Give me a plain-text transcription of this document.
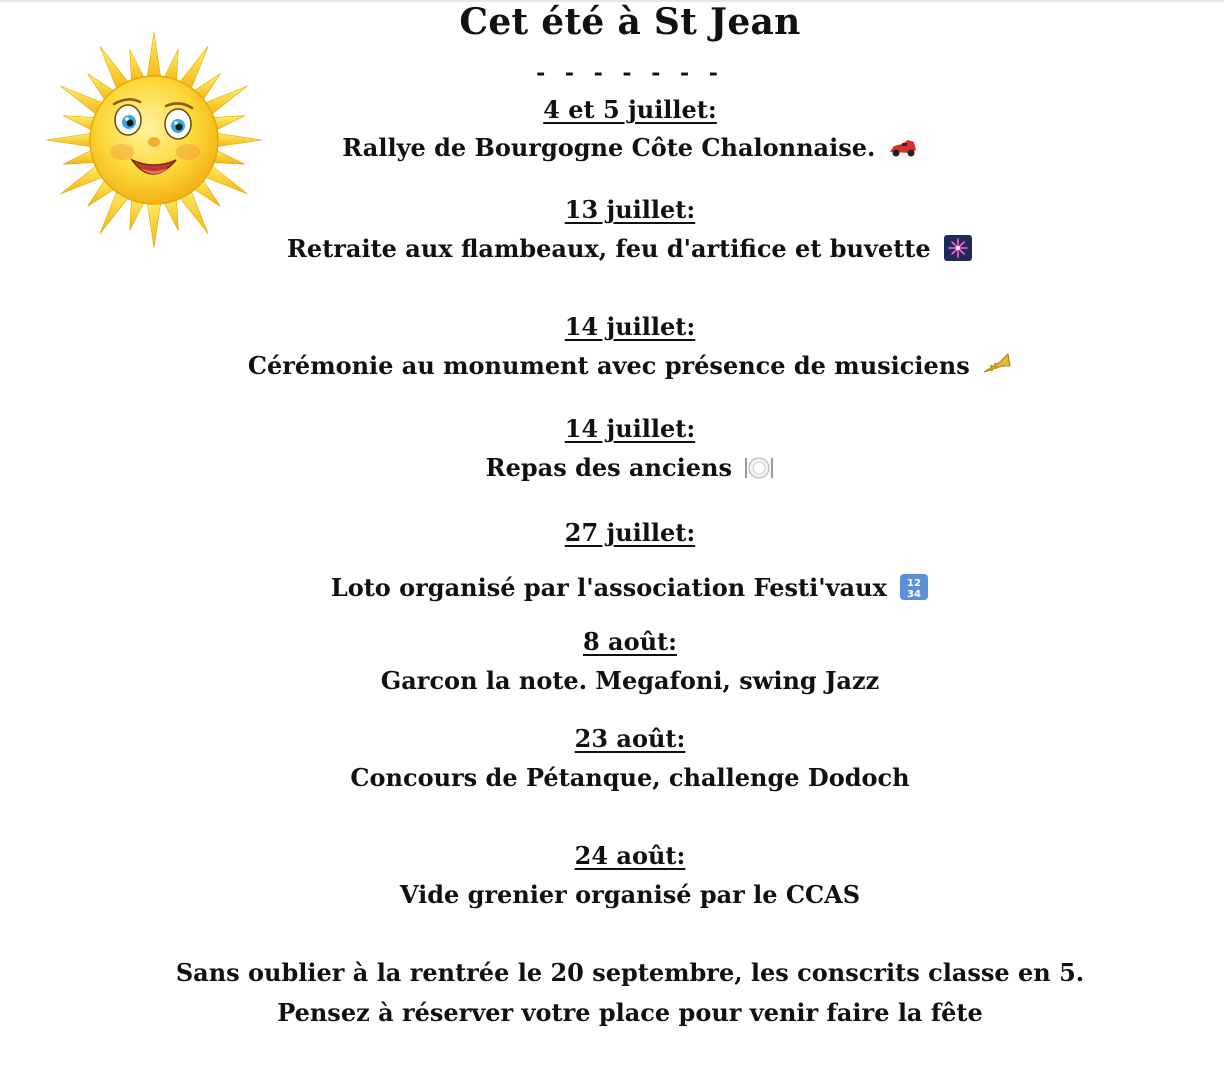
Cet été à St Jean
- - - - - - -
4 et 5 juillet:
Rallye de Bourgogne Côte Chalonnaise.
13 juillet:
Retraite aux flambeaux, feu d'artifice et buvette
14 juillet:
Cérémonie au monument avec présence de musiciens
14 juillet:
Repas des anciens
27 juillet:
Loto organisé par l'association Festi'vaux 12
34
8 août:
Garcon la note. Megafoni, swing Jazz
23 août:
Concours de Pétanque, challenge Dodoch
24 août:
Vide grenier organisé par le CCAS
Sans oublier à la rentrée le 20 septembre, les conscrits classe en 5.
Pensez à réserver votre place pour venir faire la fête
